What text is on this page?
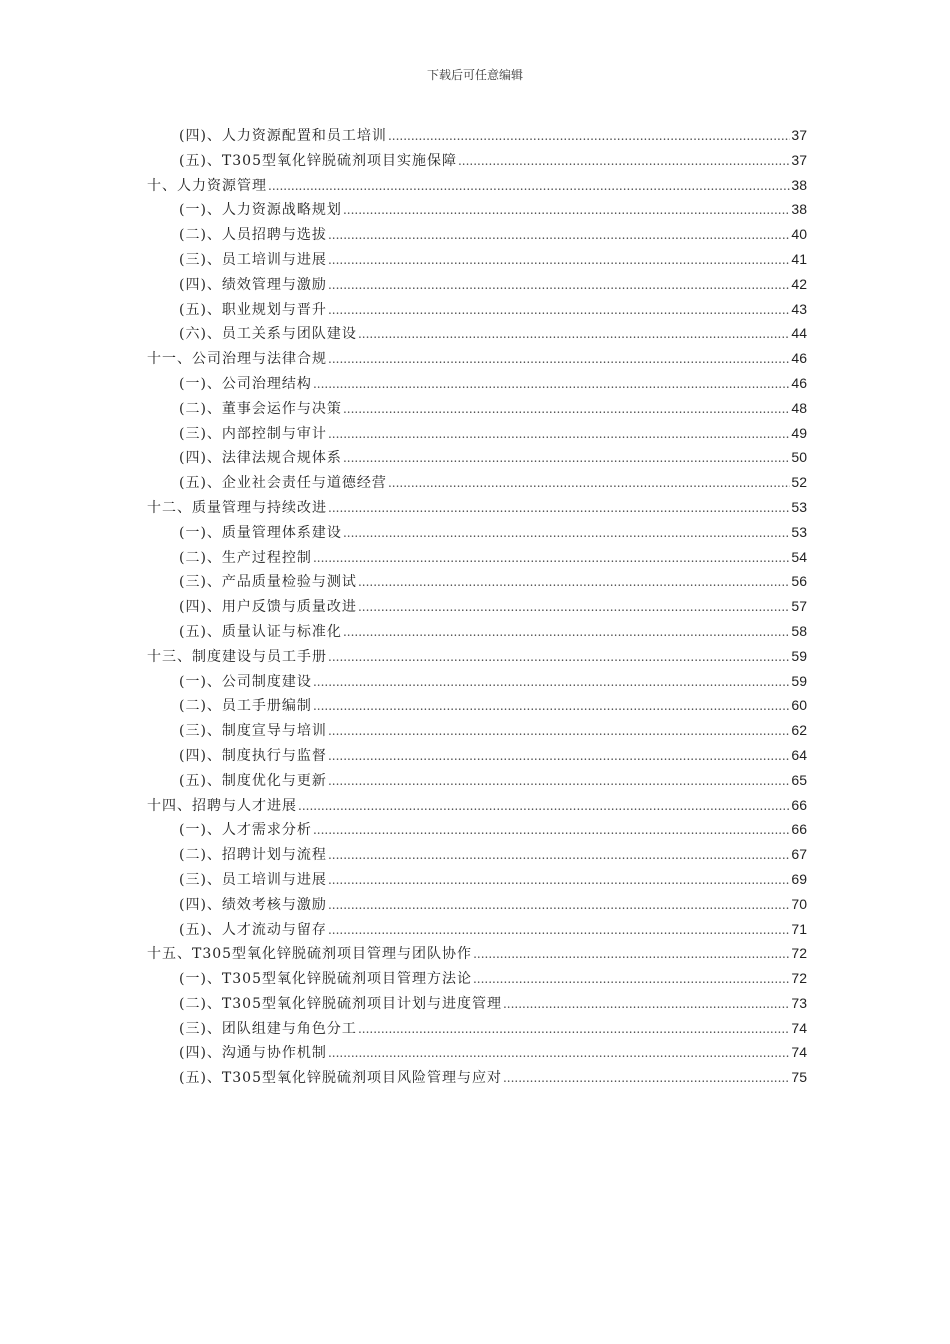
下载后可任意编辑
(四)、人力资源配置和员工培训 .....	37
(五)、T305型氧化锌脱硫剂项目实施保障 .....	37
十、人力资源管理 .....	38
(一)、人力资源战略规划 .....	38
(二)、人员招聘与选拔 .....	40
(三)、员工培训与进展 .....	41
(四)、绩效管理与激励 .....	42
(五)、职业规划与晋升 .....	43
(六)、员工关系与团队建设 .....	44
十一、公司治理与法律合规 .....	46
(一)、公司治理结构 .....	46
(二)、董事会运作与决策 .....	48
(三)、内部控制与审计 .....	49
(四)、法律法规合规体系 .....	50
(五)、企业社会责任与道德经营 .....	52
十二、质量管理与持续改进 .....	53
(一)、质量管理体系建设 .....	53
(二)、生产过程控制 .....	54
(三)、产品质量检验与测试 .....	56
(四)、用户反馈与质量改进 .....	57
(五)、质量认证与标准化 .....	58
十三、制度建设与员工手册 .....	59
(一)、公司制度建设 .....	59
(二)、员工手册编制 .....	60
(三)、制度宣导与培训 .....	62
(四)、制度执行与监督 .....	64
(五)、制度优化与更新 .....	65
十四、招聘与人才进展 .....	66
(一)、人才需求分析 .....	66
(二)、招聘计划与流程 .....	67
(三)、员工培训与进展 .....	69
(四)、绩效考核与激励 .....	70
(五)、人才流动与留存 .....	71
十五、T305型氧化锌脱硫剂项目管理与团队协作 .....	72
(一)、T305型氧化锌脱硫剂项目管理方法论 .....	72
(二)、T305型氧化锌脱硫剂项目计划与进度管理 .....	73
(三)、团队组建与角色分工 .....	74
(四)、沟通与协作机制 .....	74
(五)、T305型氧化锌脱硫剂项目风险管理与应对 .....	75
